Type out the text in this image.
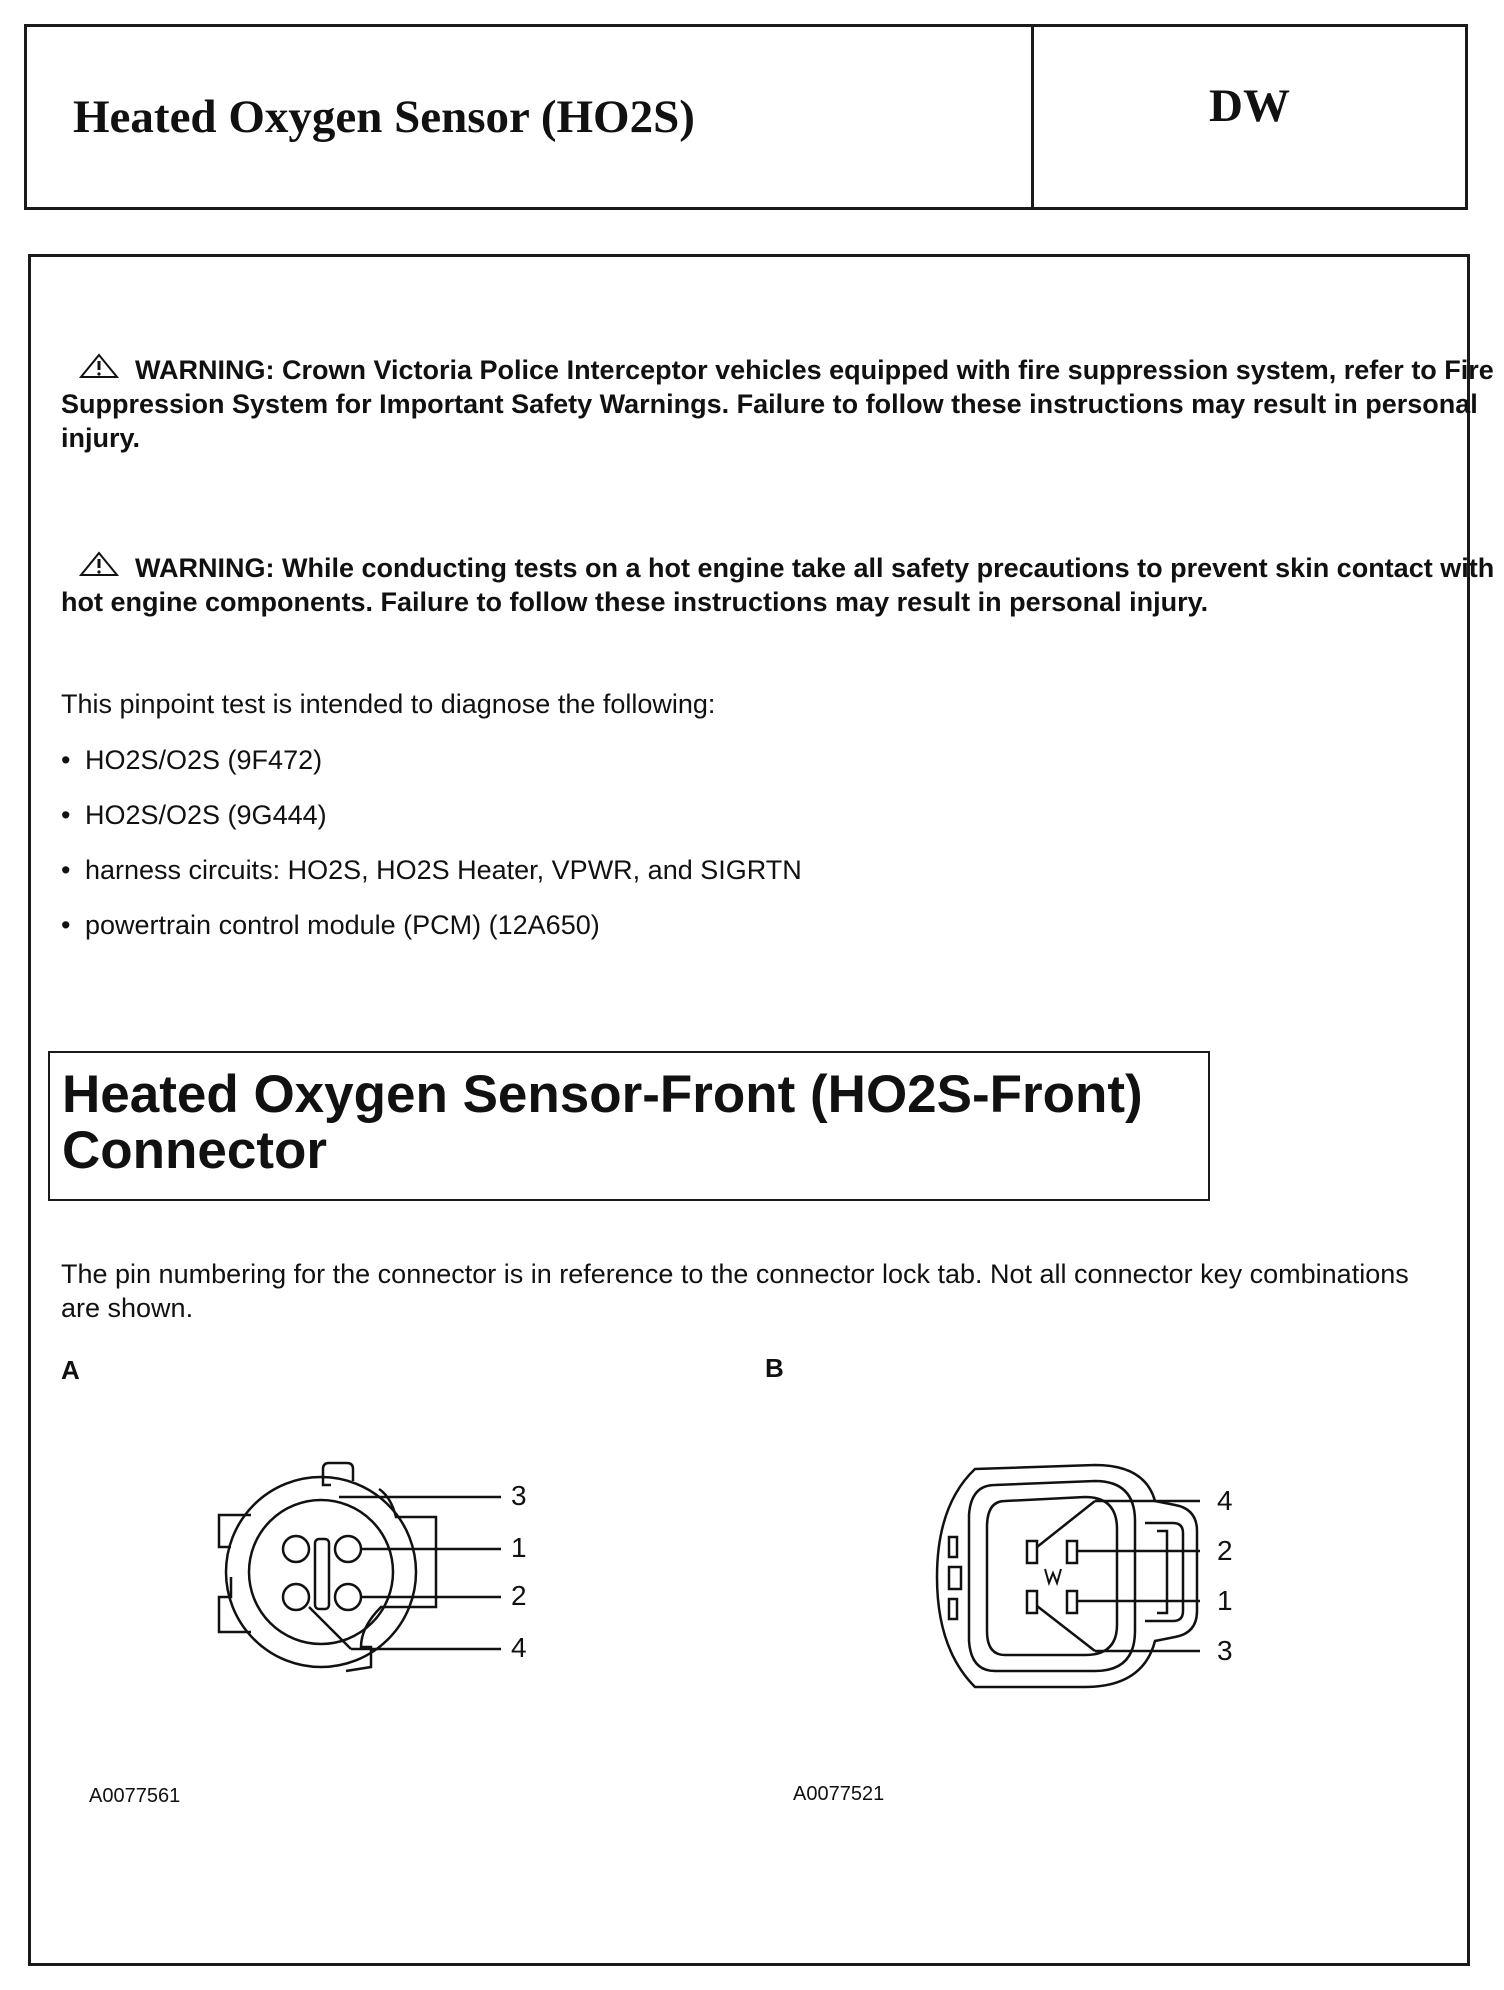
Heated Oxygen Sensor (HO2S)	DW
WARNING: Crown Victoria Police Interceptor vehicles equipped with fire suppression system, refer to Fire Suppression System for Important Safety Warnings. Failure to follow these instructions may result in personal injury.
WARNING: While conducting tests on a hot engine take all safety precautions to prevent skin contact with hot engine components. Failure to follow these instructions may result in personal injury.
This pinpoint test is intended to diagnose the following:
• HO2S/O2S (9F472)
• HO2S/O2S (9G444)
• harness circuits: HO2S, HO2S Heater, VPWR, and SIGRTN
• powertrain control module (PCM) (12A650)
Heated Oxygen Sensor-Front (HO2S-Front) Connector
The pin numbering for the connector is in reference to the connector lock tab. Not all connector key combinations are shown.
A	B
3
1
2
4
4
2
1
3
A0077561	A0077521
